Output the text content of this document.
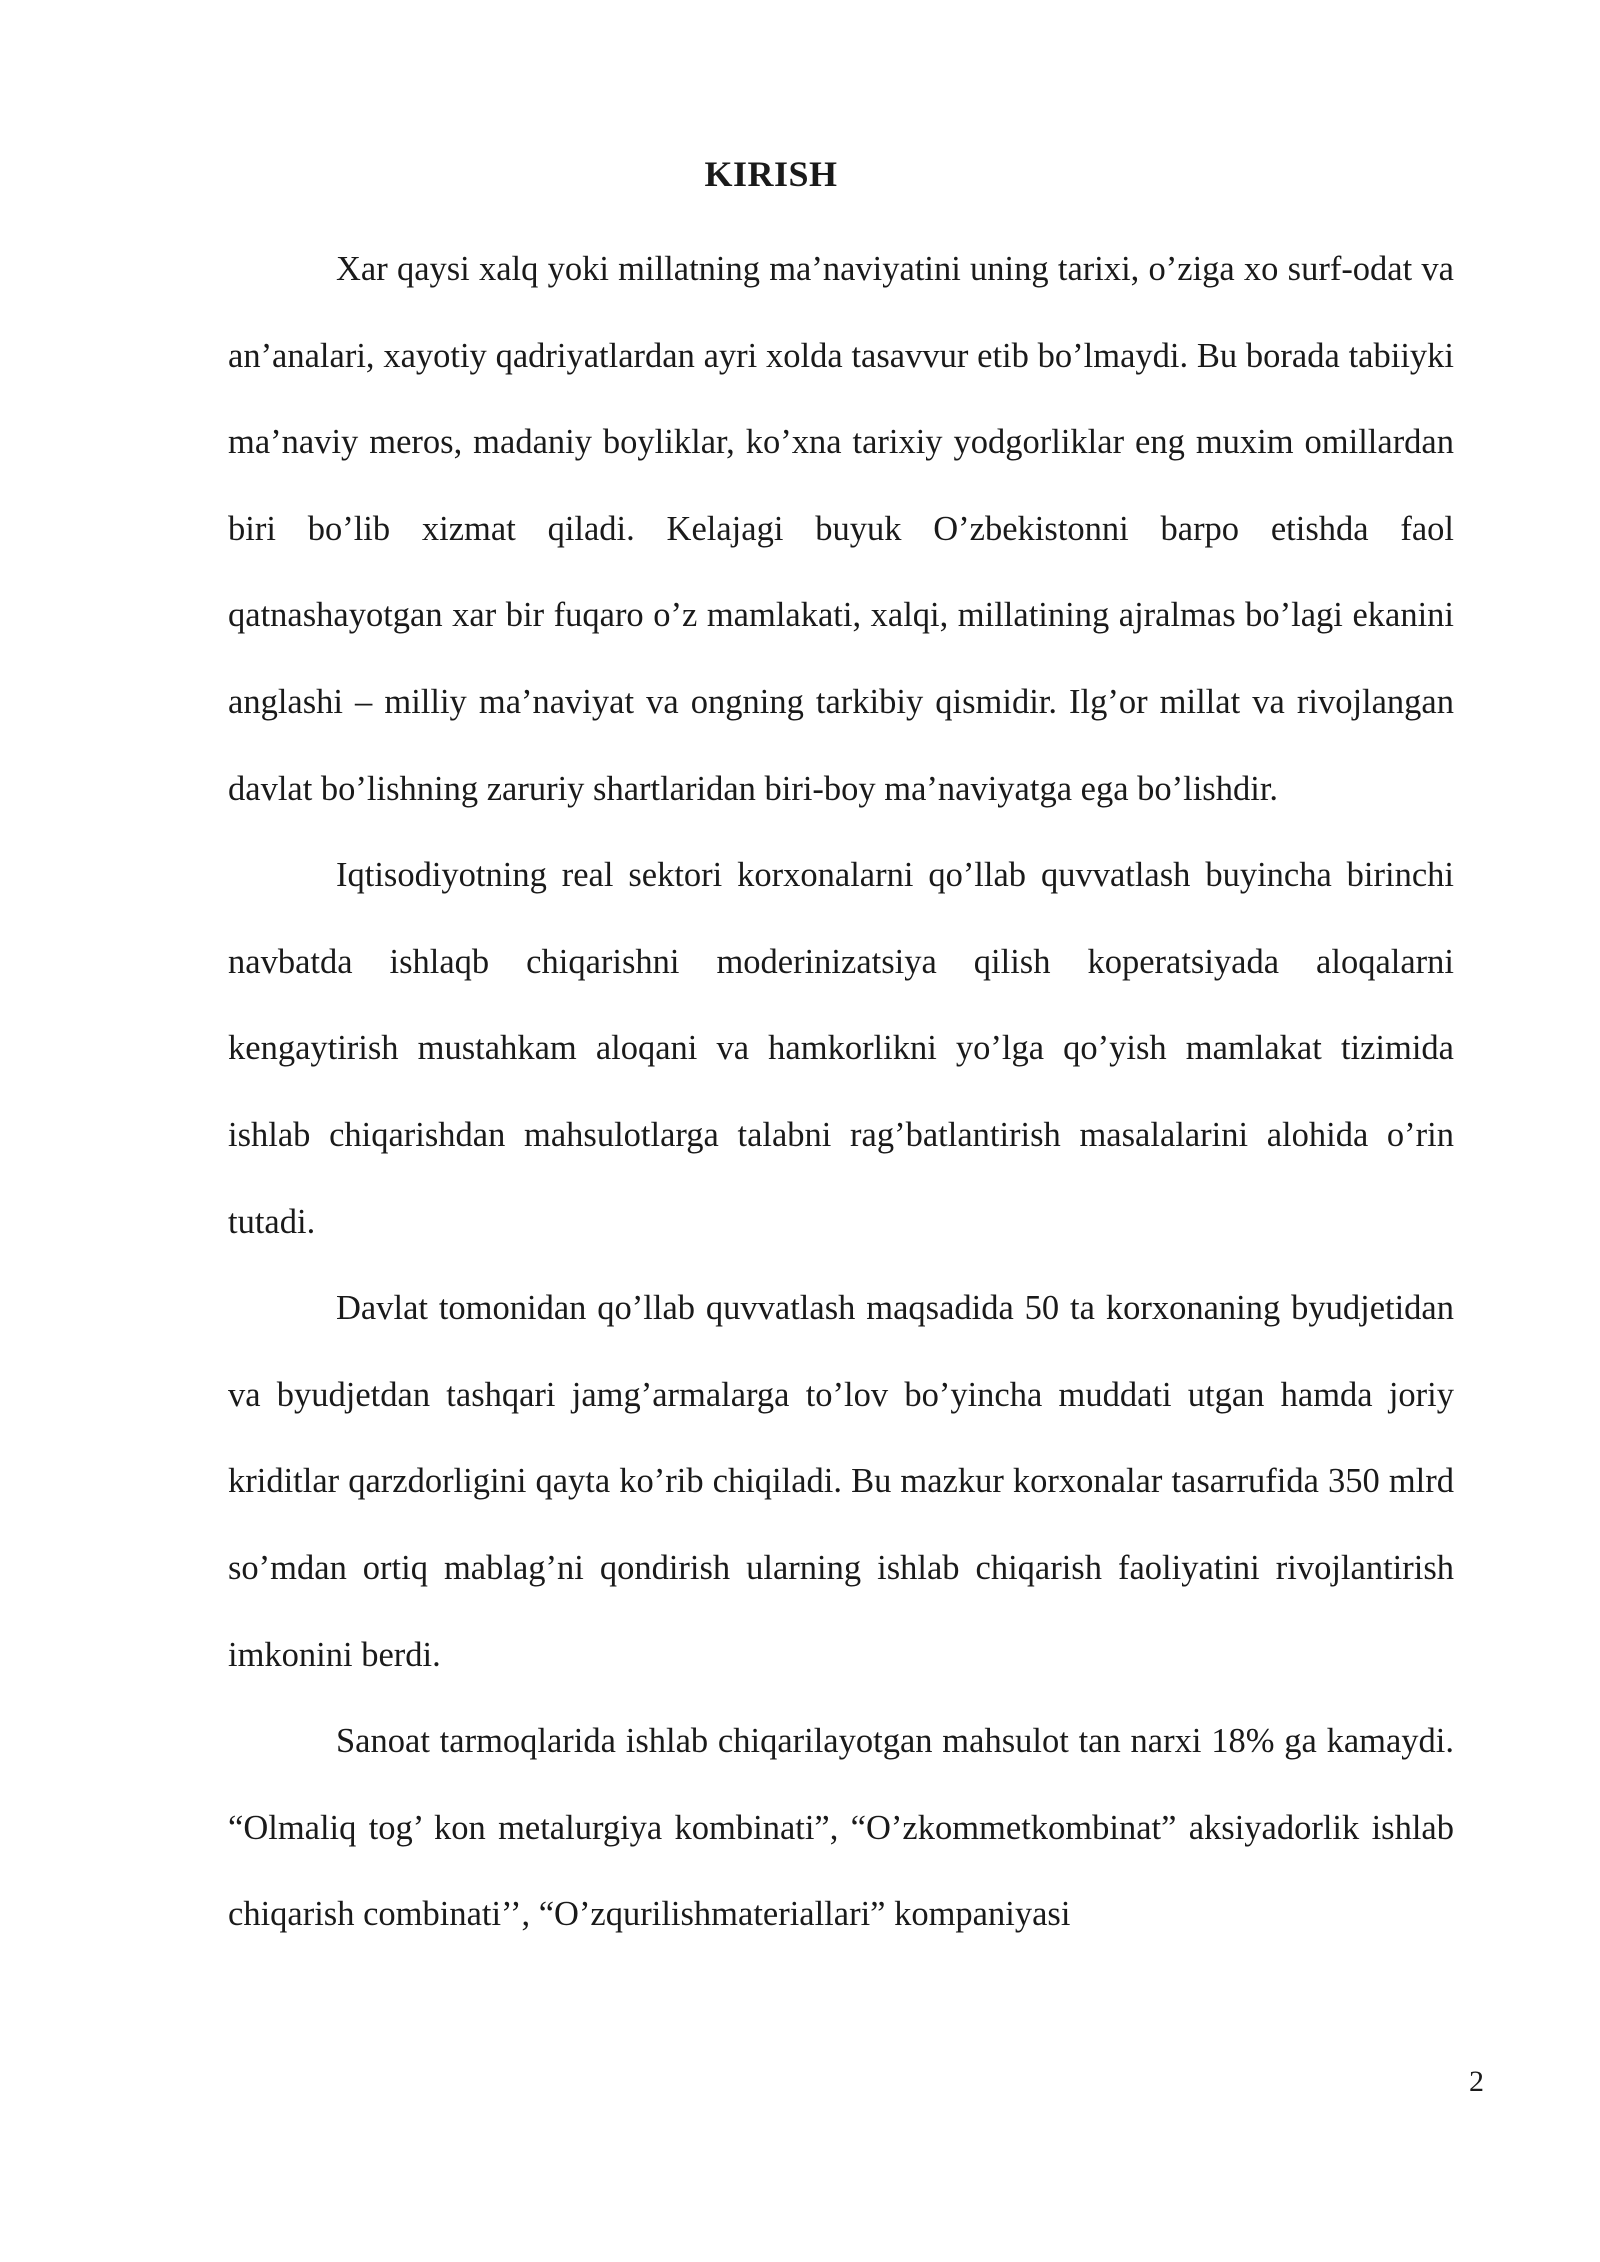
KIRISH

Xar qaysi xalq yoki millatning ma’naviyatini uning tarixi, o’ziga xo surf-odat va an’analari, xayotiy qadriyatlardan ayri xolda tasavvur etib bo’lmaydi. Bu borada tabiiyki ma’naviy meros, madaniy boyliklar, ko’xna tarixiy yodgorliklar eng muxim omillardan biri bo’lib xizmat qiladi. Kelajagi buyuk O’zbekistonni barpo etishda faol qatnashayotgan xar bir fuqaro o’z mamlakati, xalqi, millatining ajralmas bo’lagi ekanini anglashi – milliy ma’naviyat va ongning tarkibiy qismidir. Ilg’or millat va rivojlangan davlat bo’lishning zaruriy shartlaridan biri-boy ma’naviyatga ega bo’lishdir.

Iqtisodiyotning real sektori korxonalarni qo’llab quvvatlash buyincha birinchi navbatda ishlaqb chiqarishni moderinizatsiya qilish koperatsiyada aloqalarni kengaytirish mustahkam aloqani va hamkorlikni yo’lga qo’yish mamlakat tizimida ishlab chiqarishdan mahsulotlarga talabni rag’batlantirish masalalarini alohida o’rin tutadi.

Davlat tomonidan qo’llab quvvatlash maqsadida 50 ta korxonaning byudjetidan va byudjetdan tashqari jamg’armalarga to’lov bo’yincha muddati utgan hamda joriy kriditlar qarzdorligini qayta ko’rib chiqiladi. Bu mazkur korxonalar tasarrufida 350 mlrd so’mdan ortiq mablag’ni qondirish ularning ishlab chiqarish faoliyatini rivojlantirish imkonini berdi.

Sanoat tarmoqlarida ishlab chiqarilayotgan mahsulot tan narxi 18% ga kamaydi. “Olmaliq tog’ kon metalurgiya kombinati”, “O’zkommetkombinat” aksiyadorlik ishlab chiqarish combinati’’, “O’zqurilishmateriallari” kompaniyasi

2
